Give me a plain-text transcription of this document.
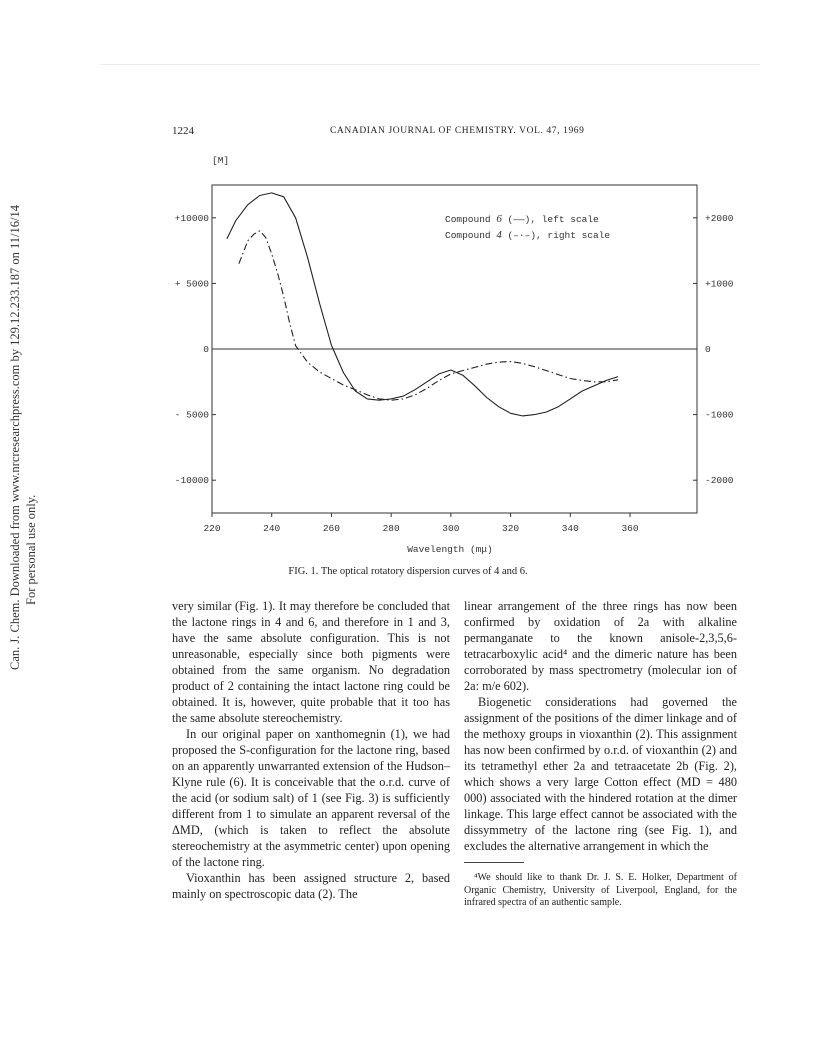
Can. J. Chem. Downloaded from www.nrcresearchpress.com by 129.12.233.187 on 11/16/14 For personal use only.
1224	CANADIAN JOURNAL OF CHEMISTRY. VOL. 47, 1969
[M]
+10000
+ 5000
0
- 5000
-10000
+2000
+1000
0
-1000
-2000
220	240	260	280	300	320	340	360
Compound 6 (——), left scale
Compound 4 (–·–), right scale
Wavelength (mμ)
FIG. 1. The optical rotatory dispersion curves of 4 and 6.

very similar (Fig. 1). It may therefore be concluded that the lactone rings in 4 and 6, and therefore in 1 and 3, have the same absolute configuration. This is not unreasonable, especially since both pigments were obtained from the same organism. No degradation product of 2 containing the intact lactone ring could be obtained. It is, however, quite probable that it too has the same absolute stereochemistry.

In our original paper on xanthomegnin (1), we had proposed the S-configuration for the lactone ring, based on an apparently unwarranted extension of the Hudson–Klyne rule (6). It is conceivable that the o.r.d. curve of the acid (or sodium salt) of 1 (see Fig. 3) is sufficiently different from 1 to simulate an apparent reversal of the ΔMD, (which is taken to reflect the absolute stereochemistry at the asymmetric center) upon opening of the lactone ring.

Vioxanthin has been assigned structure 2, based mainly on spectroscopic data (2). The

linear arrangement of the three rings has now been confirmed by oxidation of 2a with alkaline permanganate to the known anisole-2,3,5,6-tetracarboxylic acid⁴ and the dimeric nature has been corroborated by mass spectrometry (molecular ion of 2a: m/e 602).

Biogenetic considerations had governed the assignment of the positions of the dimer linkage and of the methoxy groups in vioxanthin (2). This assignment has now been confirmed by o.r.d. of vioxanthin (2) and its tetramethyl ether 2a and tetraacetate 2b (Fig. 2), which shows a very large Cotton effect (MD = 480 000) associated with the hindered rotation at the dimer linkage. This large effect cannot be associated with the dissymmetry of the lactone ring (see Fig. 1), and excludes the alternative arrangement in which the

⁴We should like to thank Dr. J. S. E. Holker, Department of Organic Chemistry, University of Liverpool, England, for the infrared spectra of an authentic sample.
